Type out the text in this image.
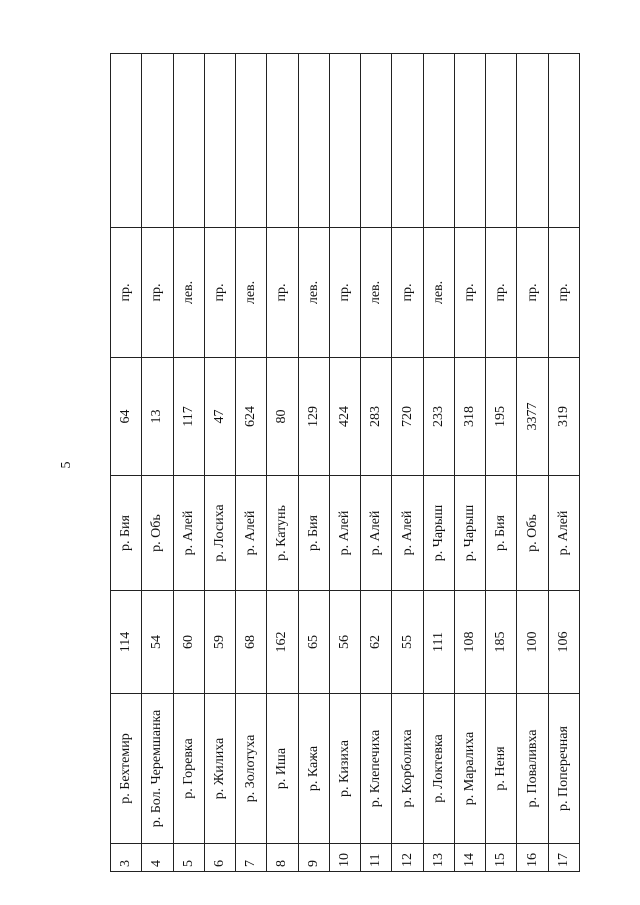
5
3	р. Бехтемир	114	р. Бия	64	пр.	
4	р. Бол. Черемшанка	54	р. Обь	13	пр.	
5	р. Горевка	60	р. Алей	117	лев.	
6	р. Жилиха	59	р. Лосиха	47	пр.	
7	р. Золотуха	68	р. Алей	624	лев.	
8	р. Иша	162	р. Катунь	80	пр.	
9	р. Кажа	65	р. Бия	129	лев.	
10	р. Кизиха	56	р. Алей	424	пр.	
11	р. Клепечиха	62	р. Алей	283	лев.	
12	р. Корболиха	55	р. Алей	720	пр.	
13	р. Локтевка	111	р. Чарыш	233	лев.	
14	р. Маралиха	108	р. Чарыш	318	пр.	
15	р. Неня	185	р. Бия	195	пр.	
16	р. Поваливха	100	р. Обь	3377	пр.	
17	р. Поперечная	106	р. Алей	319	пр.	
